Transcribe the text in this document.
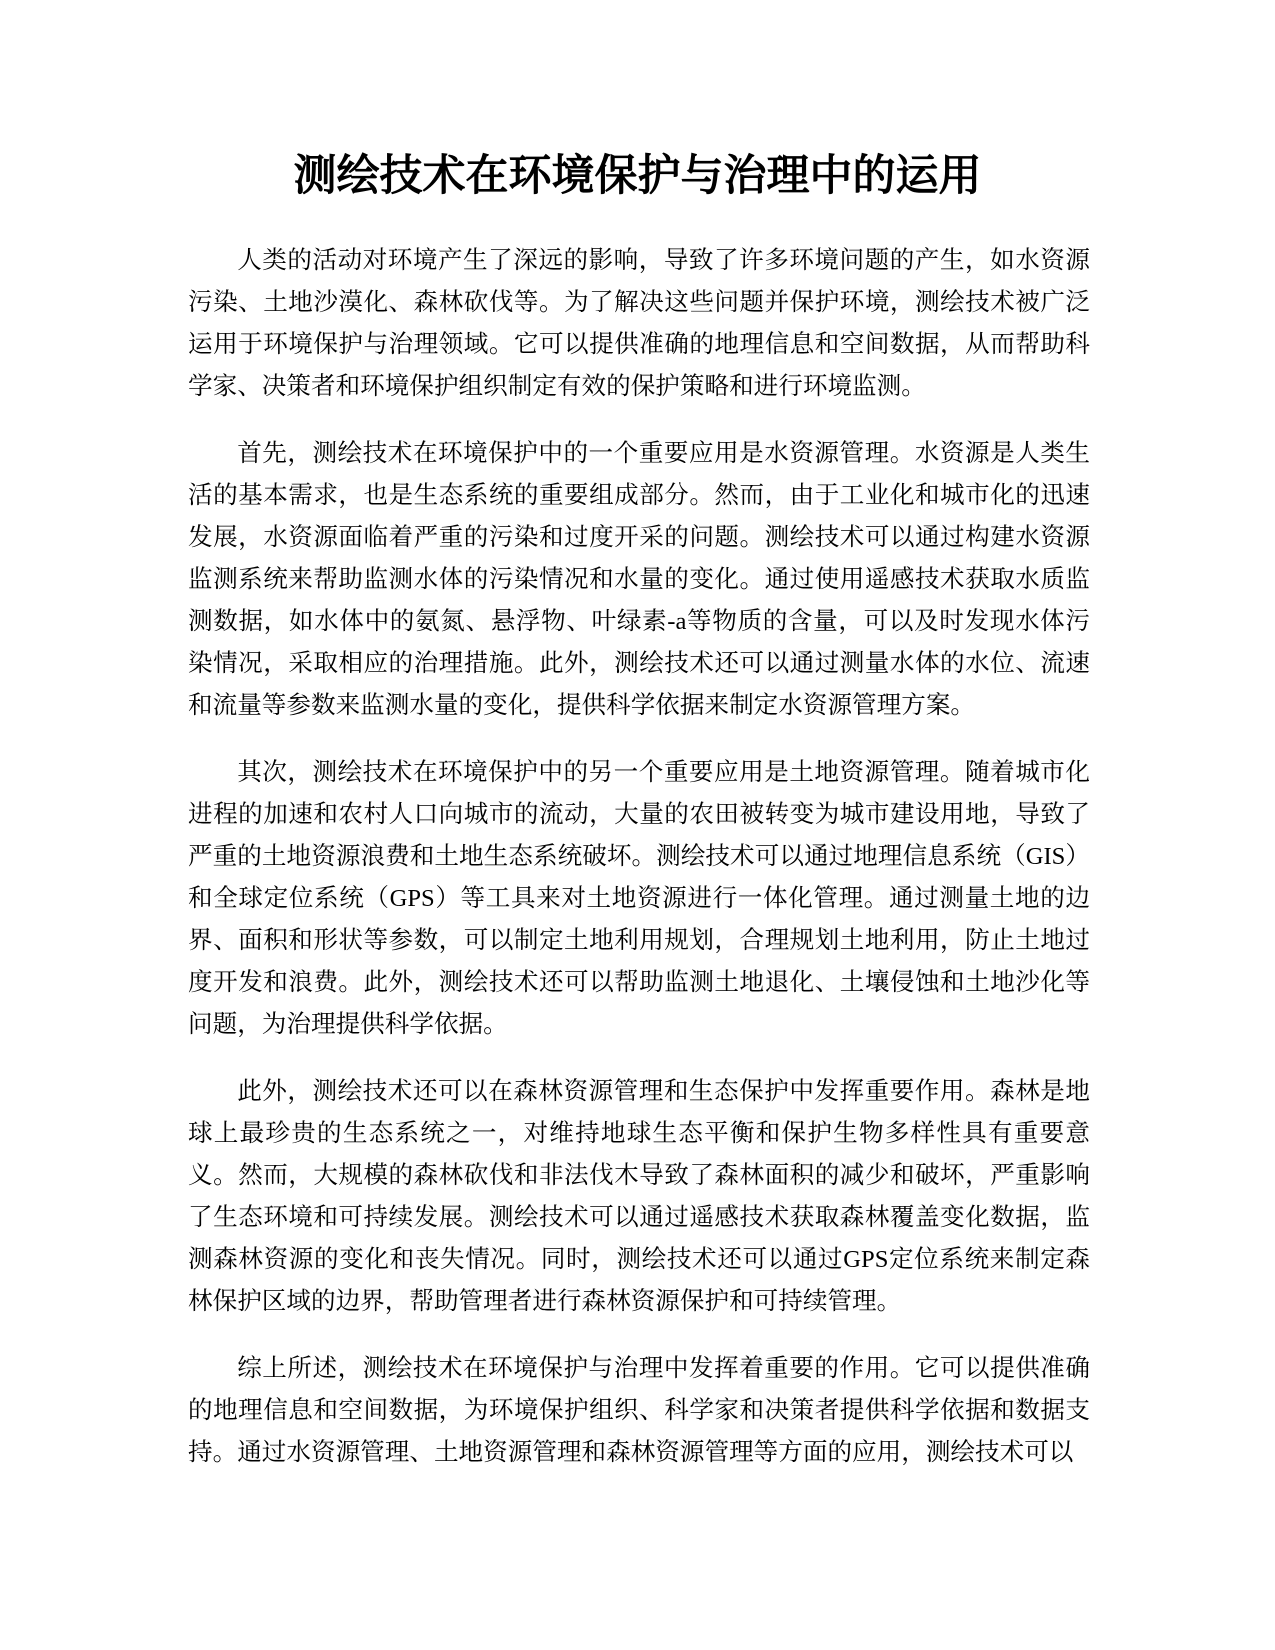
测绘技术在环境保护与治理中的运用

人类的活动对环境产生了深远的影响，导致了许多环境问题的产生，如水资源污染、土地沙漠化、森林砍伐等。为了解决这些问题并保护环境，测绘技术被广泛运用于环境保护与治理领域。它可以提供准确的地理信息和空间数据，从而帮助科学家、决策者和环境保护组织制定有效的保护策略和进行环境监测。

首先，测绘技术在环境保护中的一个重要应用是水资源管理。水资源是人类生活的基本需求，也是生态系统的重要组成部分。然而，由于工业化和城市化的迅速发展，水资源面临着严重的污染和过度开采的问题。测绘技术可以通过构建水资源监测系统来帮助监测水体的污染情况和水量的变化。通过使用遥感技术获取水质监测数据，如水体中的氨氮、悬浮物、叶绿素-a等物质的含量，可以及时发现水体污染情况，采取相应的治理措施。此外，测绘技术还可以通过测量水体的水位、流速和流量等参数来监测水量的变化，提供科学依据来制定水资源管理方案。

其次，测绘技术在环境保护中的另一个重要应用是土地资源管理。随着城市化进程的加速和农村人口向城市的流动，大量的农田被转变为城市建设用地，导致了严重的土地资源浪费和土地生态系统破坏。测绘技术可以通过地理信息系统（GIS）和全球定位系统（GPS）等工具来对土地资源进行一体化管理。通过测量土地的边界、面积和形状等参数，可以制定土地利用规划，合理规划土地利用，防止土地过度开发和浪费。此外，测绘技术还可以帮助监测土地退化、土壤侵蚀和土地沙化等问题，为治理提供科学依据。

此外，测绘技术还可以在森林资源管理和生态保护中发挥重要作用。森林是地球上最珍贵的生态系统之一，对维持地球生态平衡和保护生物多样性具有重要意义。然而，大规模的森林砍伐和非法伐木导致了森林面积的减少和破坏，严重影响了生态环境和可持续发展。测绘技术可以通过遥感技术获取森林覆盖变化数据，监测森林资源的变化和丧失情况。同时，测绘技术还可以通过GPS定位系统来制定森林保护区域的边界，帮助管理者进行森林资源保护和可持续管理。

综上所述，测绘技术在环境保护与治理中发挥着重要的作用。它可以提供准确的地理信息和空间数据，为环境保护组织、科学家和决策者提供科学依据和数据支持。通过水资源管理、土地资源管理和森林资源管理等方面的应用，测绘技术可以
